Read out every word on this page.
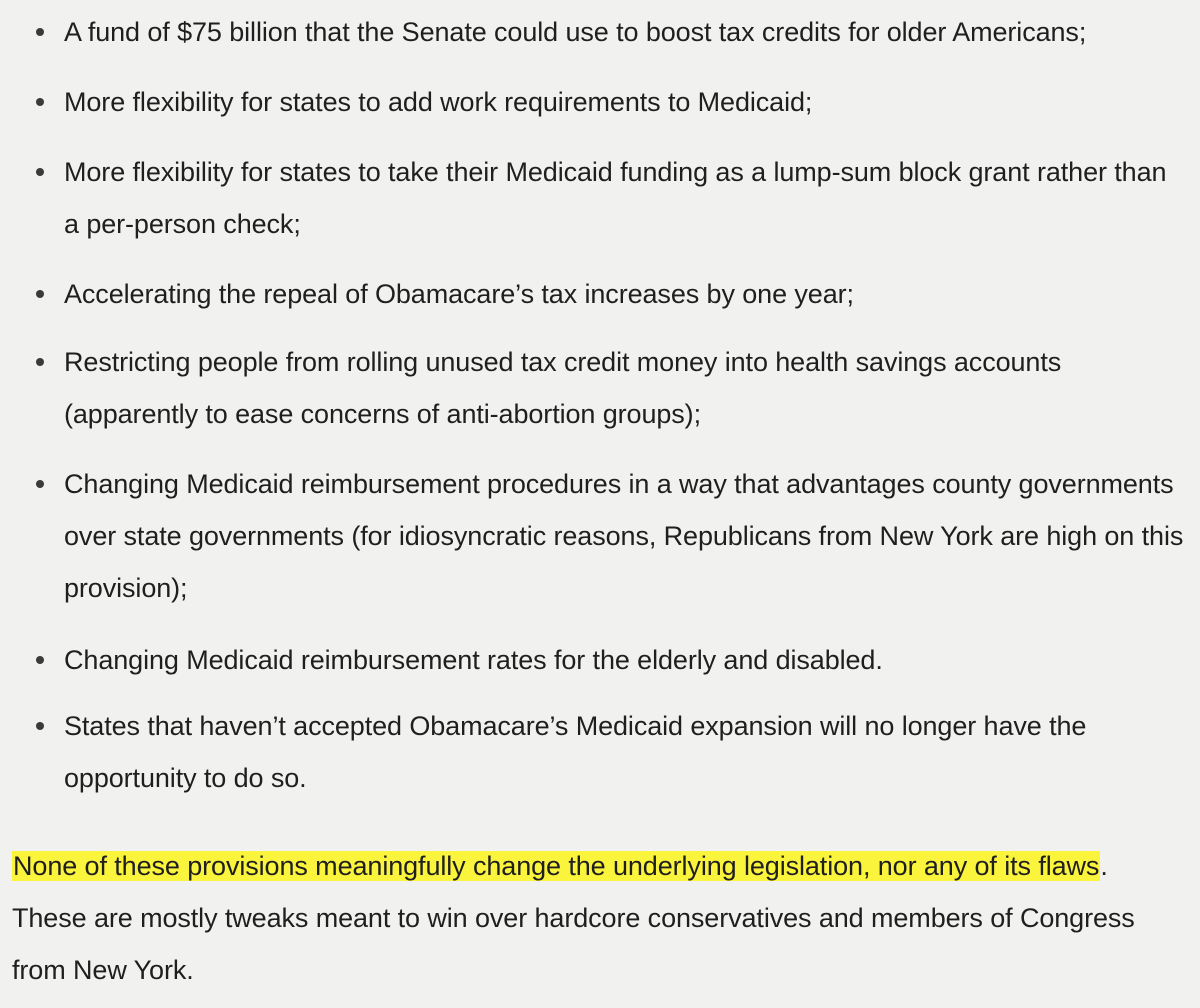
A fund of $75 billion that the Senate could use to boost tax credits for older Americans;
More flexibility for states to add work requirements to Medicaid;
More flexibility for states to take their Medicaid funding as a lump-sum block grant rather than a per-person check;
Accelerating the repeal of Obamacare’s tax increases by one year;
Restricting people from rolling unused tax credit money into health savings accounts (apparently to ease concerns of anti-abortion groups);
Changing Medicaid reimbursement procedures in a way that advantages county governments over state governments (for idiosyncratic reasons, Republicans from New York are high on this provision);
Changing Medicaid reimbursement rates for the elderly and disabled.
States that haven’t accepted Obamacare’s Medicaid expansion will no longer have the opportunity to do so.

None of these provisions meaningfully change the underlying legislation, nor any of its flaws. These are mostly tweaks meant to win over hardcore conservatives and members of Congress from New York.
